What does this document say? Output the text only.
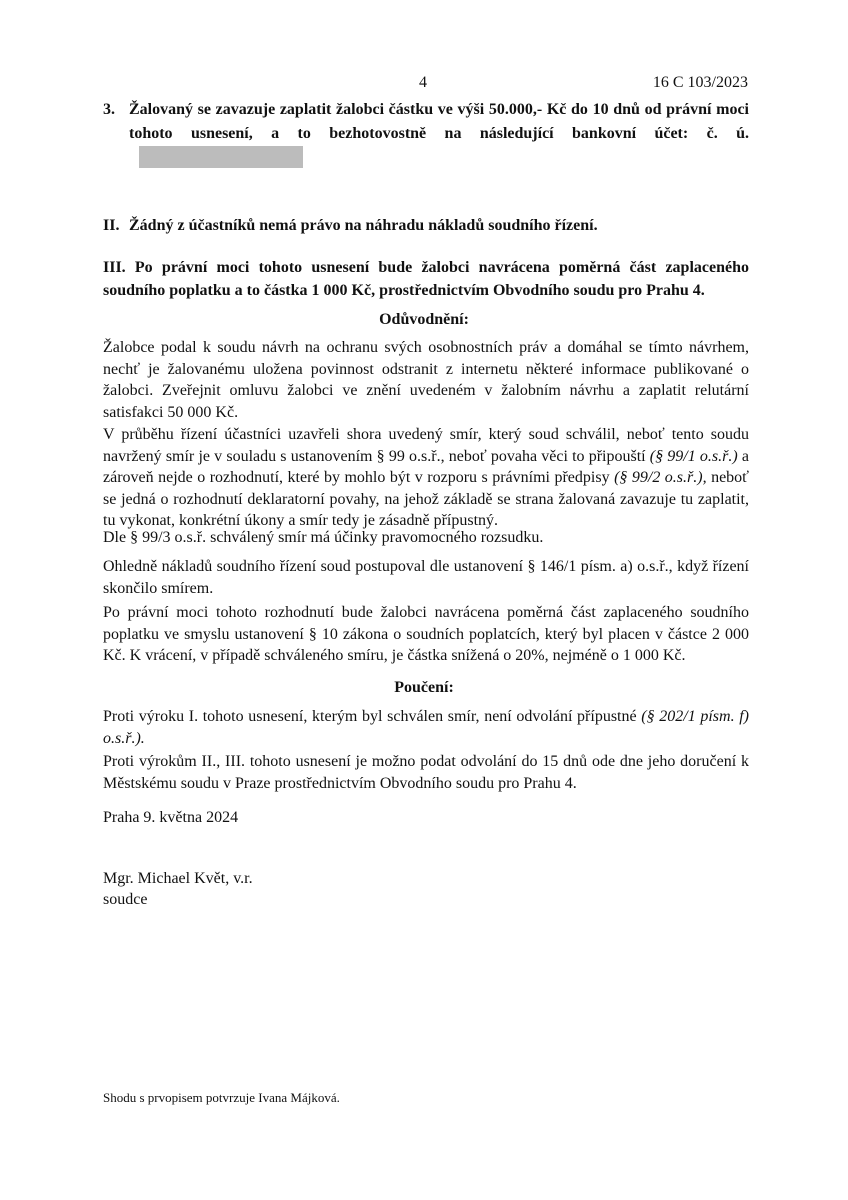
4	16 C 103/2023
3. Žalovaný se zavazuje zaplatit žalobci částku ve výši 50.000,- Kč do 10 dnů od právní moci tohoto usnesení, a to bezhotovostně na následující bankovní účet: č. ú.
II. Žádný z účastníků nemá právo na náhradu nákladů soudního řízení.
III. Po právní moci tohoto usnesení bude žalobci navrácena poměrná část zaplaceného soudního poplatku a to částka 1 000 Kč, prostřednictvím Obvodního soudu pro Prahu 4.
Odůvodnění:
Žalobce podal k soudu návrh na ochranu svých osobnostních práv a domáhal se tímto návrhem, nechť je žalovanému uložena povinnost odstranit z internetu některé informace publikované o žalobci. Zveřejnit omluvu žalobci ve znění uvedeném v žalobním návrhu a zaplatit relutární satisfakci 50 000 Kč.
V průběhu řízení účastníci uzavřeli shora uvedený smír, který soud schválil, neboť tento soudu navržený smír je v souladu s ustanovením § 99 o.s.ř., neboť povaha věci to připouští (§ 99/1 o.s.ř.) a zároveň nejde o rozhodnutí, které by mohlo být v rozporu s právními předpisy (§ 99/2 o.s.ř.), neboť se jedná o rozhodnutí deklaratorní povahy, na jehož základě se strana žalovaná zavazuje tu zaplatit, tu vykonat, konkrétní úkony a smír tedy je zásadně přípustný.
Dle § 99/3 o.s.ř. schválený smír má účinky pravomocného rozsudku.
Ohledně nákladů soudního řízení soud postupoval dle ustanovení § 146/1 písm. a) o.s.ř., když řízení skončilo smírem.
Po právní moci tohoto rozhodnutí bude žalobci navrácena poměrná část zaplaceného soudního poplatku ve smyslu ustanovení § 10 zákona o soudních poplatcích, který byl placen v částce 2 000 Kč. K vrácení, v případě schváleného smíru, je částka snížená o 20%, nejméně o 1 000 Kč.
Poučení:
Proti výroku I. tohoto usnesení, kterým byl schválen smír, není odvolání přípustné (§ 202/1 písm. f) o.s.ř.).
Proti výrokům II., III. tohoto usnesení je možno podat odvolání do 15 dnů ode dne jeho doručení k Městskému soudu v Praze prostřednictvím Obvodního soudu pro Prahu 4.
Praha 9. května 2024
Mgr. Michael Květ, v.r.
soudce
Shodu s prvopisem potvrzuje Ivana Májková.
